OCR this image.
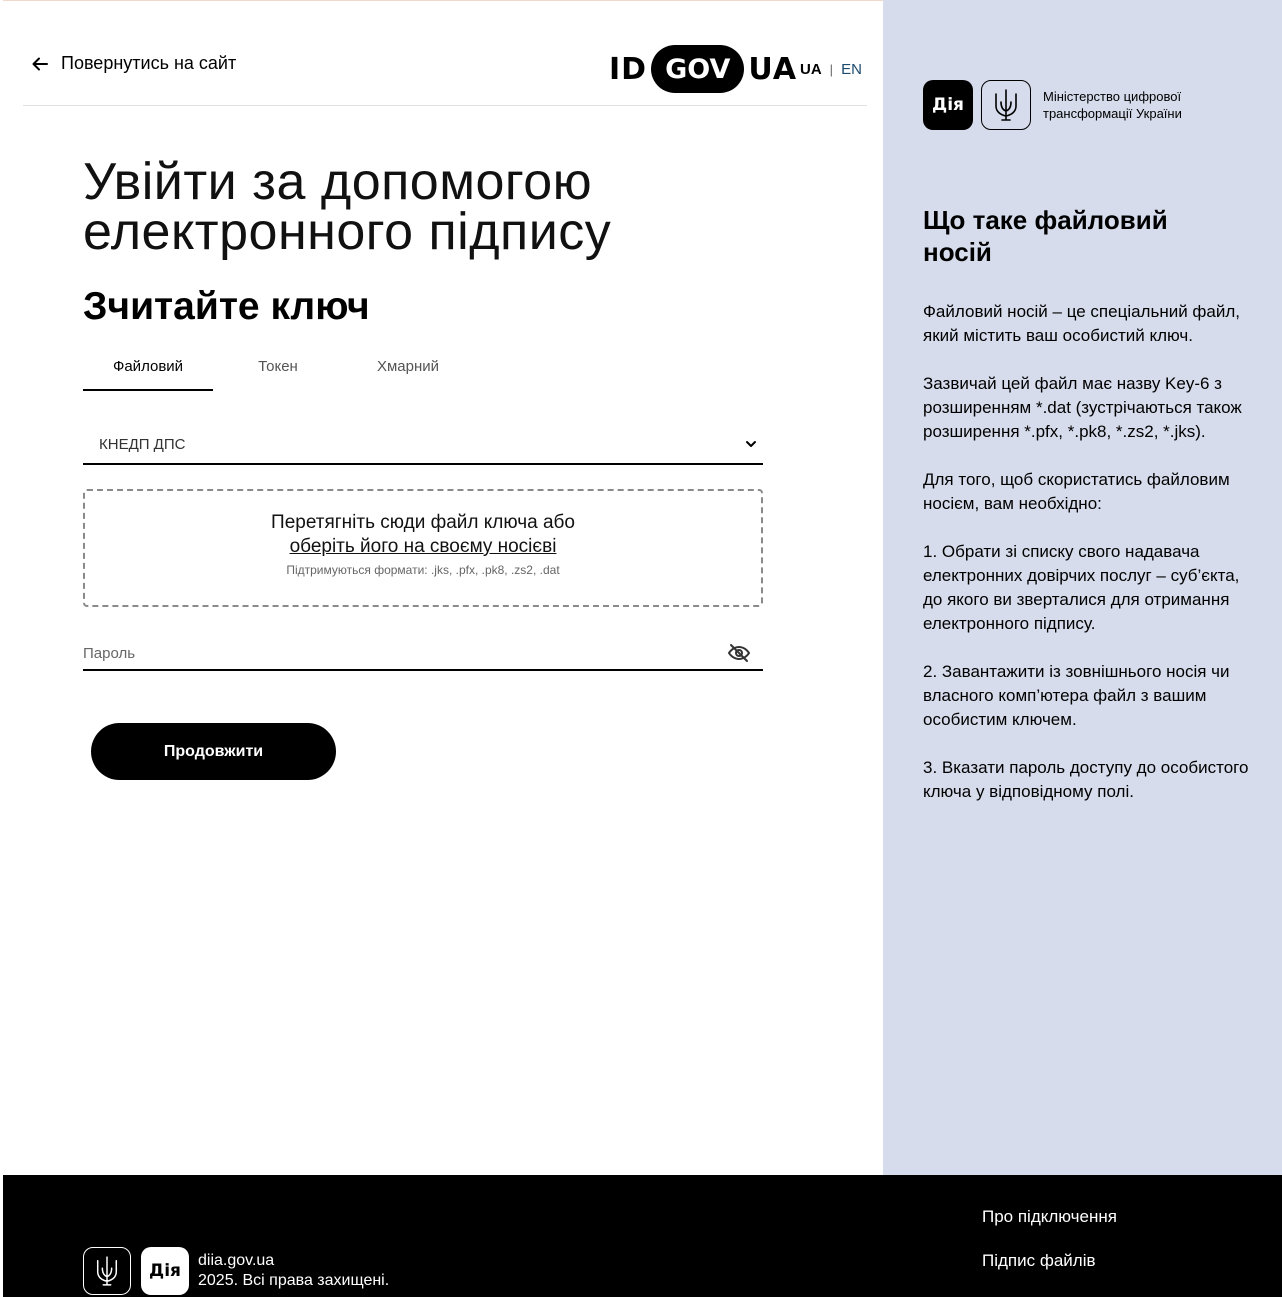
Повернутись на сайт	ID GOV UA UA | EN
Увійти за допомогою електронного підпису
Зчитайте ключ
Файловий	Токен	Хмарний
КНЕДП ДПС
Перетягніть сюди файл ключа або
оберіть його на своєму носієві
Підтримуються формати: .jks, .pfx, .pk8, .zs2, .dat
Продовжити
Дія	Міністерство цифрової трансформації України
Що таке файловий носій

Файловий носій – це спеціальний файл, який містить ваш особистий ключ.

Зазвичай цей файл має назву Key-6 з розширенням *.dat (зустрічаються також розширення *.pfx, *.pk8, *.zs2, *.jks).

Для того, щоб скористатись файловим носієм, вам необхідно:

1. Обрати зі списку свого надавача електронних довірчих послуг – суб’єкта, до якого ви зверталися для отримання електронного підпису.

2. Завантажити із зовнішнього носія чи власного комп’ютера файл з вашим особистим ключем.

3. Вказати пароль доступу до особистого ключа у відповідному полі.

Дія
diia.gov.ua
2025. Всі права захищені.
Про підключення
Підпис файлів
